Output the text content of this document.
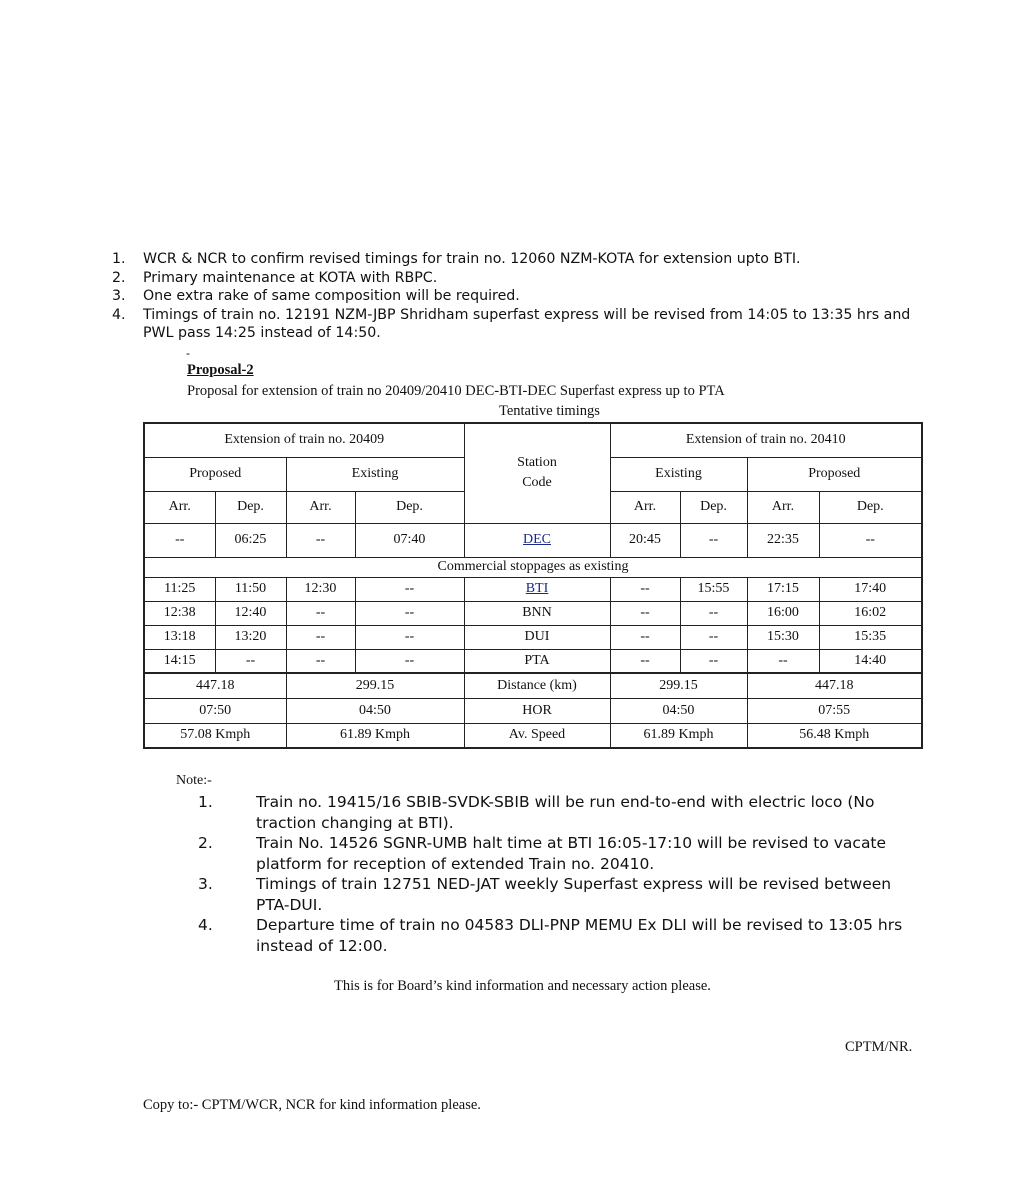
1.	WCR & NCR to confirm revised timings for train no. 12060 NZM-KOTA for extension upto BTI.
2.	Primary maintenance at KOTA with RBPC.
3.	One extra rake of same composition will be required.
4.	Timings of train no. 12191 NZM-JBP Shridham superfast express will be revised from 14:05 to 13:35 hrs and PWL pass 14:25 instead of 14:50.
-
Proposal-2
Proposal for extension of train no 20409/20410 DEC-BTI-DEC Superfast express up to PTA
Tentative timings
Extension of train no. 20409				Station Code	Extension of train no. 20410			
Proposed		Existing			Existing		Proposed	
Arr.	Dep.	Arr.	Dep.		Arr.	Dep.	Arr.	Dep.
--	06:25	--	07:40	DEC	20:45	--	22:35	--
Commercial stoppages as existing								
11:25	11:50	12:30	--	BTI	--	15:55	17:15	17:40
12:38	12:40	--	--	BNN	--	--	16:00	16:02
13:18	13:20	--	--	DUI	--	--	15:30	15:35
14:15	--	--	--	PTA	--	--	--	14:40
447.18		299.15		Distance (km)	299.15		447.18	
07:50		04:50		HOR	04:50		07:55	
57.08 Kmph		61.89 Kmph		Av. Speed	61.89 Kmph		56.48 Kmph	
Note:-
1.	Train no. 19415/16 SBIB-SVDK-SBIB will be run end-to-end with electric loco (No traction changing at BTI).
2.	Train No. 14526 SGNR-UMB halt time at BTI 16:05-17:10 will be revised to vacate platform for reception of extended Train no. 20410.
3.	Timings of train 12751 NED-JAT weekly Superfast express will be revised between PTA-DUI.
4.	Departure time of train no 04583 DLI-PNP MEMU Ex DLI will be revised to 13:05 hrs instead of 12:00.
This is for Board’s kind information and necessary action please.
CPTM/NR.
Copy to:- CPTM/WCR, NCR for kind information please.
